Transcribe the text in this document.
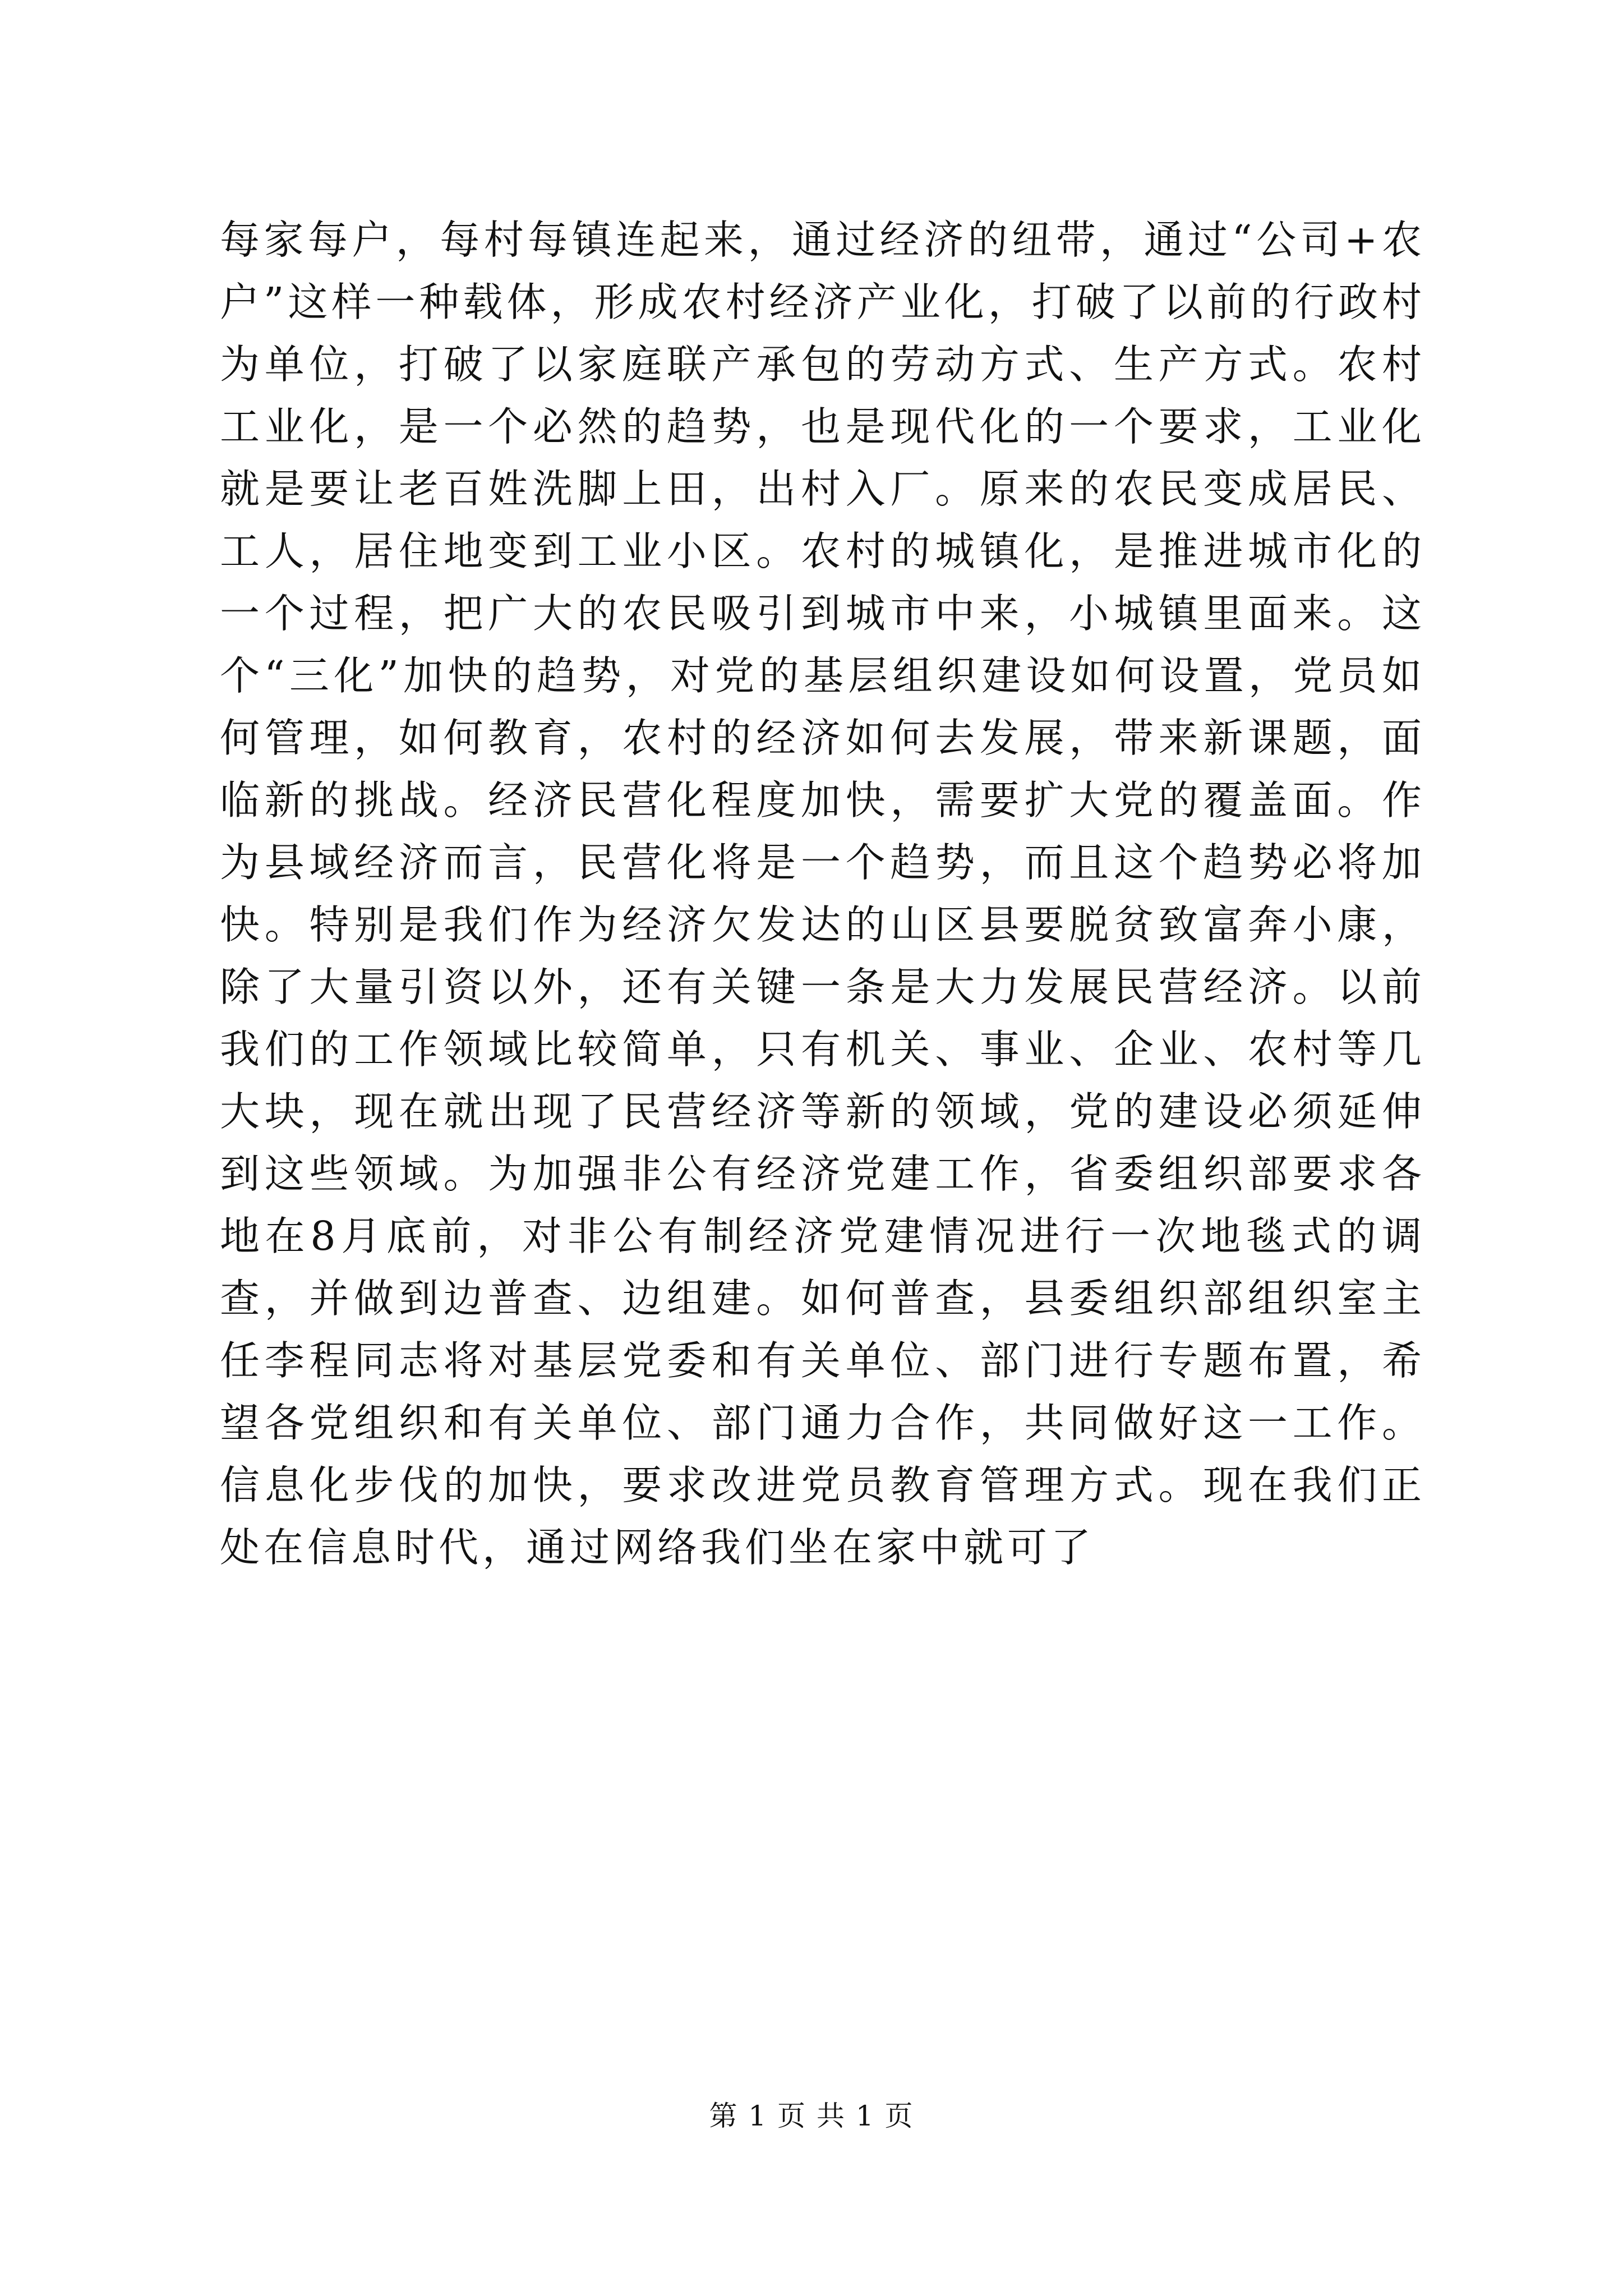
每家每户，每村每镇连起来，通过经济的纽带，通过“公司+农户”这样一种载体，形成农村经济产业化，打破了以前的行政村为单位，打破了以家庭联产承包的劳动方式、生产方式。农村工业化，是一个必然的趋势，也是现代化的一个要求，工业化就是要让老百姓洗脚上田，出村入厂。原来的农民变成居民、工人，居住地变到工业小区。农村的城镇化，是推进城市化的一个过程，把广大的农民吸引到城市中来，小城镇里面来。这个“三化”加快的趋势，对党的基层组织建设如何设置，党员如何管理，如何教育，农村的经济如何去发展，带来新课题，面临新的挑战。经济民营化程度加快，需要扩大党的覆盖面。作为县域经济而言，民营化将是一个趋势，而且这个趋势必将加快。特别是我们作为经济欠发达的山区县要脱贫致富奔小康，除了大量引资以外，还有关键一条是大力发展民营经济。以前我们的工作领域比较简单，只有机关、事业、企业、农村等几大块，现在就出现了民营经济等新的领域，党的建设必须延伸到这些领域。为加强非公有经济党建工作，省委组织部要求各地在8月底前，对非公有制经济党建情况进行一次地毯式的调查，并做到边普查、边组建。如何普查，县委组织部组织室主任李程同志将对基层党委和有关单位、部门进行专题布置，希望各党组织和有关单位、部门通力合作，共同做好这一工作。信息化步伐的加快，要求改进党员教育管理方式。现在我们正处在信息时代，通过网络我们坐在家中就可了

第 1 页 共 1 页
